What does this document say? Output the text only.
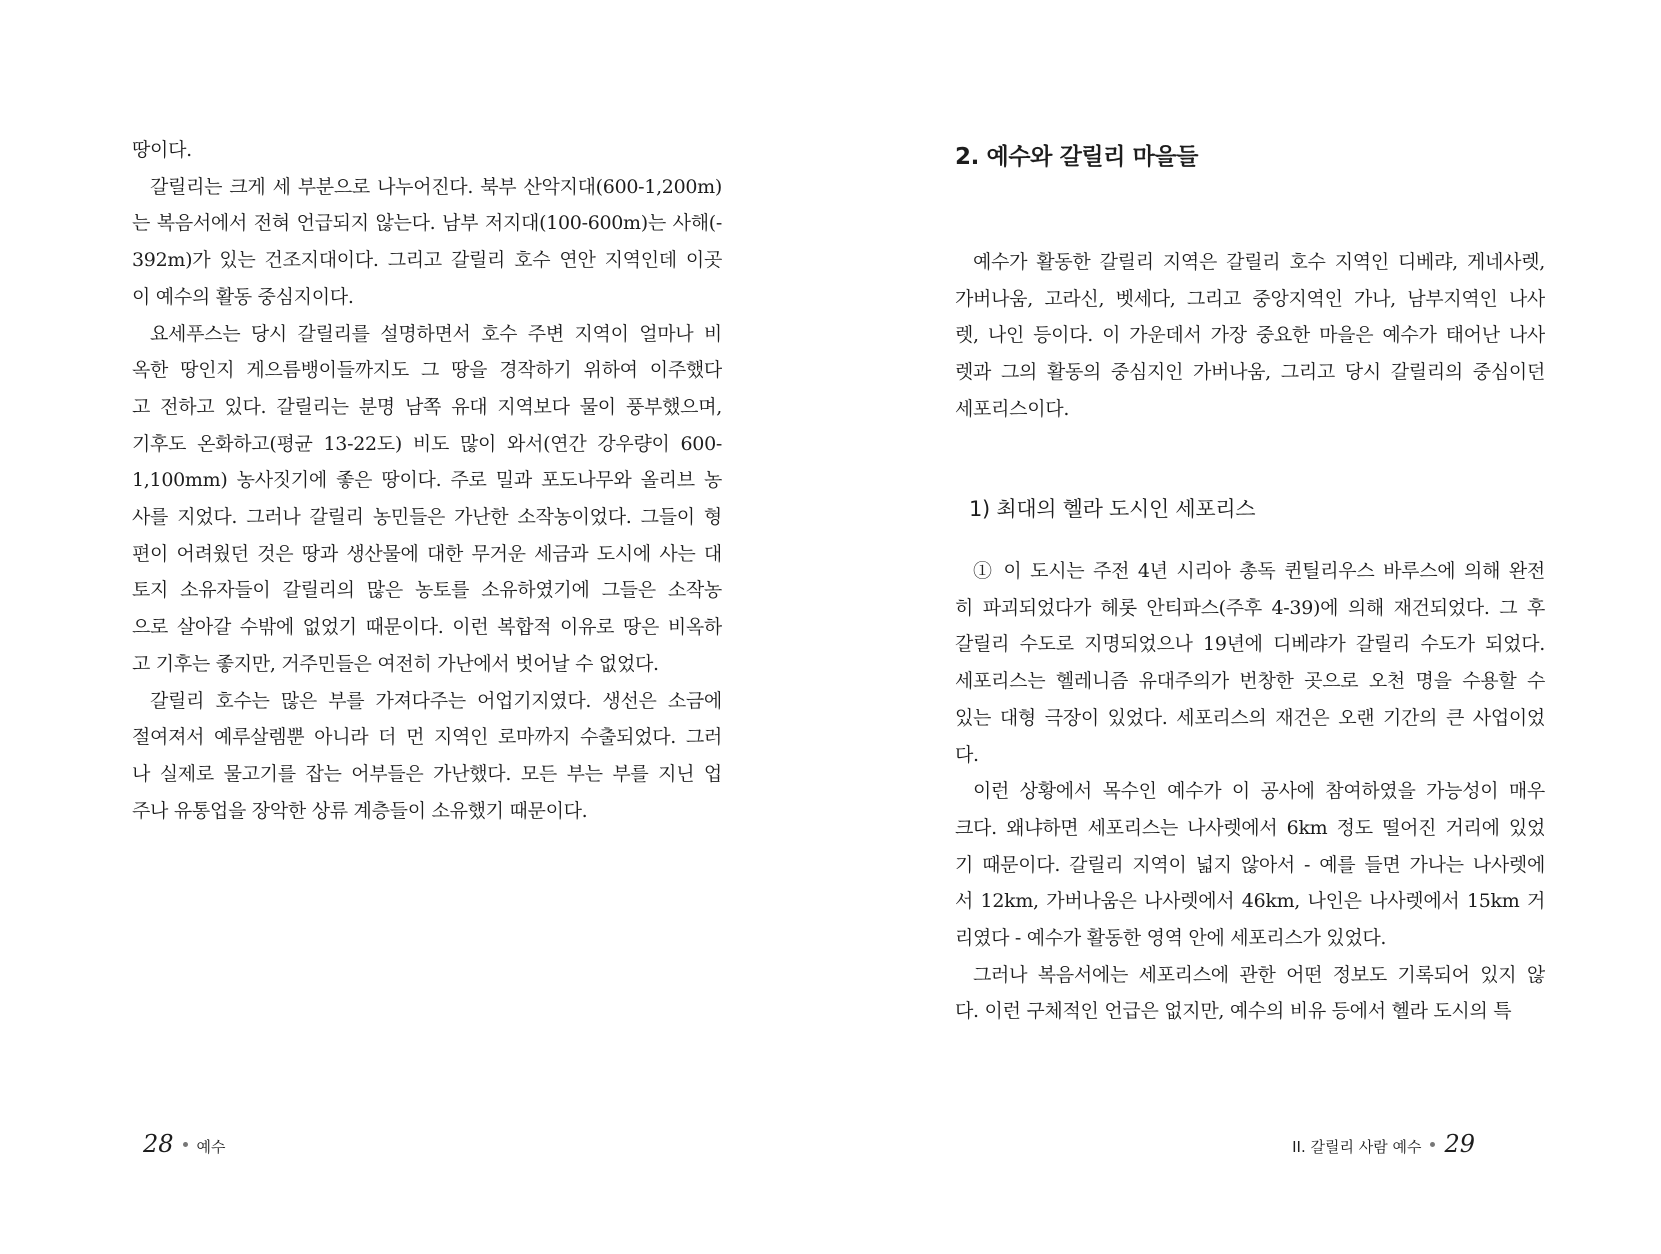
땅이다.
갈릴리는 크게 세 부분으로 나누어진다. 북부 산악지대(600-1,200m)
는 복음서에서 전혀 언급되지 않는다. 남부 저지대(100-600m)는 사해(-
392m)가 있는 건조지대이다. 그리고 갈릴리 호수 연안 지역인데 이곳
이 예수의 활동 중심지이다.
요세푸스는 당시 갈릴리를 설명하면서 호수 주변 지역이 얼마나 비
옥한 땅인지 게으름뱅이들까지도 그 땅을 경작하기 위하여 이주했다
고 전하고 있다. 갈릴리는 분명 남쪽 유대 지역보다 물이 풍부했으며,
기후도 온화하고(평균 13-22도) 비도 많이 와서(연간 강우량이 600-
1,100mm) 농사짓기에 좋은 땅이다. 주로 밀과 포도나무와 올리브 농
사를 지었다. 그러나 갈릴리 농민들은 가난한 소작농이었다. 그들이 형
편이 어려웠던 것은 땅과 생산물에 대한 무거운 세금과 도시에 사는 대
토지 소유자들이 갈릴리의 많은 농토를 소유하였기에 그들은 소작농
으로 살아갈 수밖에 없었기 때문이다. 이런 복합적 이유로 땅은 비옥하
고 기후는 좋지만, 거주민들은 여전히 가난에서 벗어날 수 없었다.
갈릴리 호수는 많은 부를 가져다주는 어업기지였다. 생선은 소금에
절여져서 예루살렘뿐 아니라 더 먼 지역인 로마까지 수출되었다. 그러
나 실제로 물고기를 잡는 어부들은 가난했다. 모든 부는 부를 지닌 업
주나 유통업을 장악한 상류 계층들이 소유했기 때문이다.
2. 예수와 갈릴리 마을들
예수가 활동한 갈릴리 지역은 갈릴리 호수 지역인 디베랴, 게네사렛,
가버나움, 고라신, 벳세다, 그리고 중앙지역인 가나, 남부지역인 나사
렛, 나인 등이다. 이 가운데서 가장 중요한 마을은 예수가 태어난 나사
렛과 그의 활동의 중심지인 가버나움, 그리고 당시 갈릴리의 중심이던
세포리스이다.
1) 최대의 헬라 도시인 세포리스
① 이 도시는 주전 4년 시리아 총독 퀸틸리우스 바루스에 의해 완전
히 파괴되었다가 헤롯 안티파스(주후 4-39)에 의해 재건되었다. 그 후
갈릴리 수도로 지명되었으나 19년에 디베랴가 갈릴리 수도가 되었다.
세포리스는 헬레니즘 유대주의가 번창한 곳으로 오천 명을 수용할 수
있는 대형 극장이 있었다. 세포리스의 재건은 오랜 기간의 큰 사업이었
다.
이런 상황에서 목수인 예수가 이 공사에 참여하였을 가능성이 매우
크다. 왜냐하면 세포리스는 나사렛에서 6km 정도 떨어진 거리에 있었
기 때문이다. 갈릴리 지역이 넓지 않아서 - 예를 들면 가나는 나사렛에
서 12km, 가버나움은 나사렛에서 46km, 나인은 나사렛에서 15km 거
리였다 - 예수가 활동한 영역 안에 세포리스가 있었다.
그러나 복음서에는 세포리스에 관한 어떤 정보도 기록되어 있지 않
다. 이런 구체적인 언급은 없지만, 예수의 비유 등에서 헬라 도시의 특
28 예수	II. 갈릴리 사람 예수 29
